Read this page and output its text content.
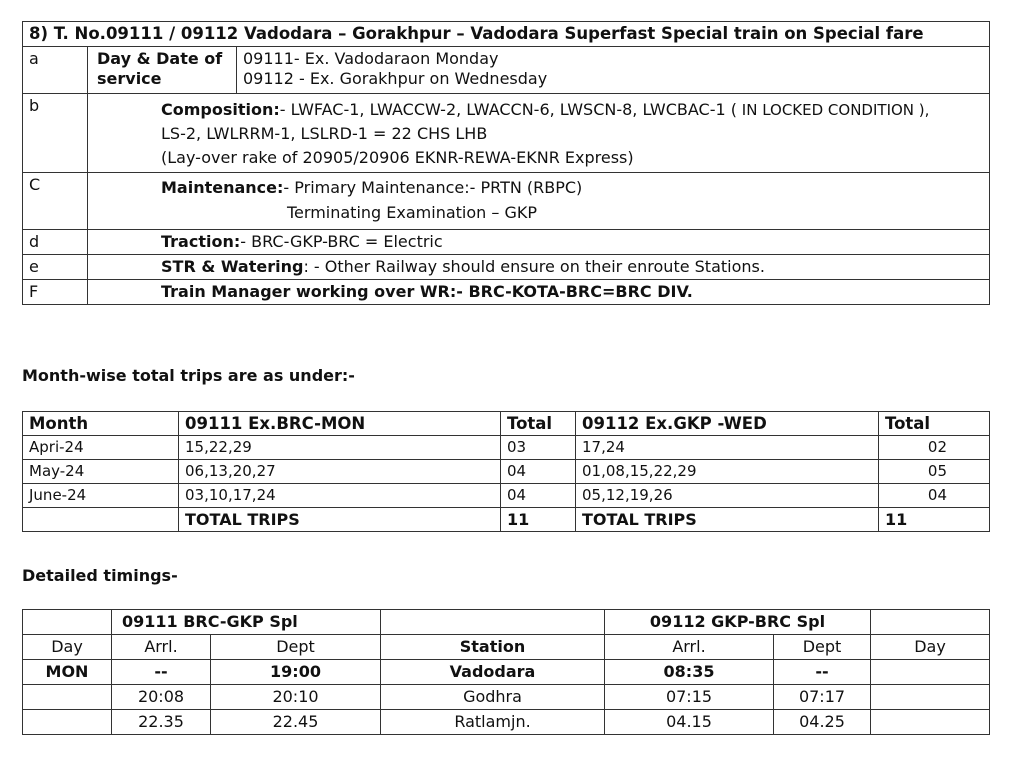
8) T. No.09111 / 09112 Vadodara – Gorakhpur – Vadodara Superfast Special train on Special fare		
a	Day & Date of service	09111- Ex. Vadodaraon Monday
09112 - Ex. Gorakhpur on Wednesday

b	Composition:- LWFAC-1, LWACCW-2, LWACCN-6, LWSCN-8, LWCBAC-1 ( IN LOCKED CONDITION ),
LS-2, LWLRRM-1, LSLRD-1 = 22 CHS LHB
(Lay-over rake of 20905/20906 EKNR-REWA-EKNR Express)	

C	Maintenance:- Primary Maintenance:- PRTN (RBPC)
Terminating Examination – GKP	

d	Traction:- BRC-GKP-BRC = Electric	
e	STR & Watering: - Other Railway should ensure on their enroute Stations.	
F	Train Manager working over WR:- BRC-KOTA-BRC=BRC DIV.	
Month-wise total trips are as under:-
Month	09111 Ex.BRC-MON	Total	09112 Ex.GKP -WED	Total
Apri-24	15,22,29	03	17,24	02
May-24	06,13,20,27	04	01,08,15,22,29	05
June-24	03,10,17,24	04	05,12,19,26	04
	TOTAL TRIPS	11	TOTAL TRIPS	11
Detailed timings-
	09111 BRC-GKP Spl			09112 GKP-BRC Spl		
Day	Arrl.	Dept	Station	Arrl.	Dept	Day
MON	--	19:00	Vadodara	08:35	--	
	20:08	20:10	Godhra	07:15	07:17	
	22.35	22.45	Ratlamjn.	04.15	04.25	
